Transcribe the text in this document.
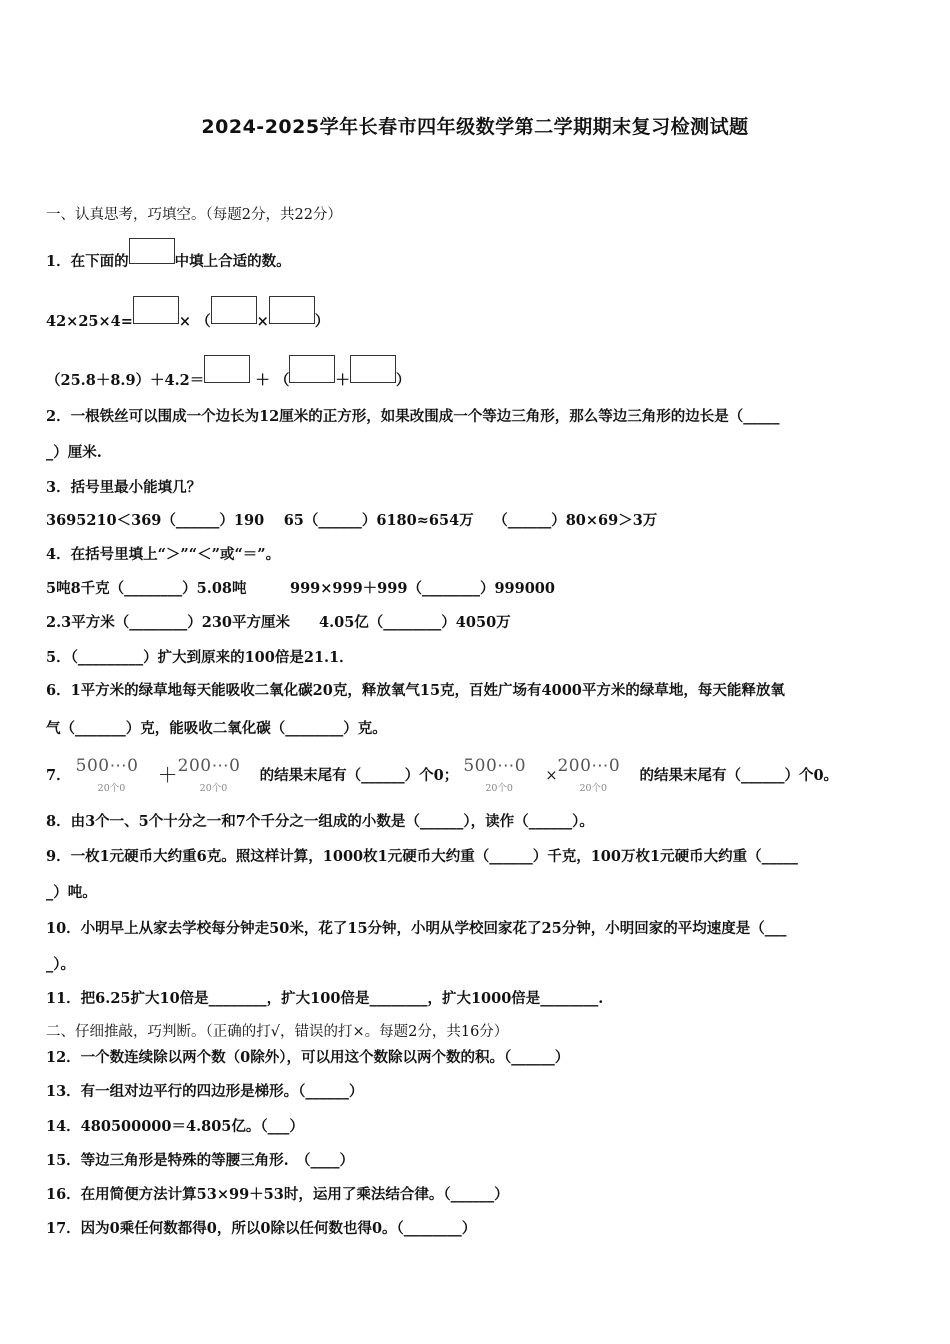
2024-2025学年长春市四年级数学第二学期期末复习检测试题
一、认真思考，巧填空。（每题2分，共22分）
1．在下面的	中填上合适的数。
42×25×4=	× （	×	）
（25.8＋8.9）＋4.2＝	＋ （	＋	）
2．一根铁丝可以围成一个边长为12厘米的正方形，如果改围成一个等边三角形，那么等边三角形的边长是（_____
_）厘米.
3．括号里最小能填几？
3695210＜369（______）190　 65（______）6180≈654万　 （______）80×69＞3万
4．在括号里填上“＞”“＜”或“＝”。
5吨8千克（________）5.08吨　　　999×999＋999（________）999000
2.3平方米（________）230平方厘米　　4.05亿（________）4050万
5．（_________）扩大到原来的100倍是21.1．
6．1平方米的绿草地每天能吸收二氧化碳20克，释放氧气15克，百姓广场有4000平方米的绿草地，每天能释放氧
气（_______）克，能吸收二氧化碳（________）克。
7． 500⋯0
20个0
＋ 200⋯0
20个0
的结果末尾有（______）个0； 500⋯0
20个0
× 200⋯0
20个0
的结果末尾有（______）个0。
8．由3个一、5个十分之一和7个千分之一组成的小数是（______），读作（______）。
9．一枚1元硬币大约重6克。照这样计算，1000枚1元硬币大约重（______）千克，100万枚1元硬币大约重（_____
_）吨。
10．小明早上从家去学校每分钟走50米，花了15分钟，小明从学校回家花了25分钟，小明回家的平均速度是（___
_）。
11．把6.25扩大10倍是________，扩大100倍是________，扩大1000倍是________.
二、仔细推敲，巧判断。（正确的打√，错误的打×。每题2分，共16分）
12．一个数连续除以两个数（0除外），可以用这个数除以两个数的积。（______）
13．有一组对边平行的四边形是梯形。（______）
14．480500000＝4.805亿。（___）
15．等边三角形是特殊的等腰三角形.　（____）
16．在用简便方法计算53×99＋53时，运用了乘法结合律。（______）
17．因为0乘任何数都得0，所以0除以任何数也得0。（________）
